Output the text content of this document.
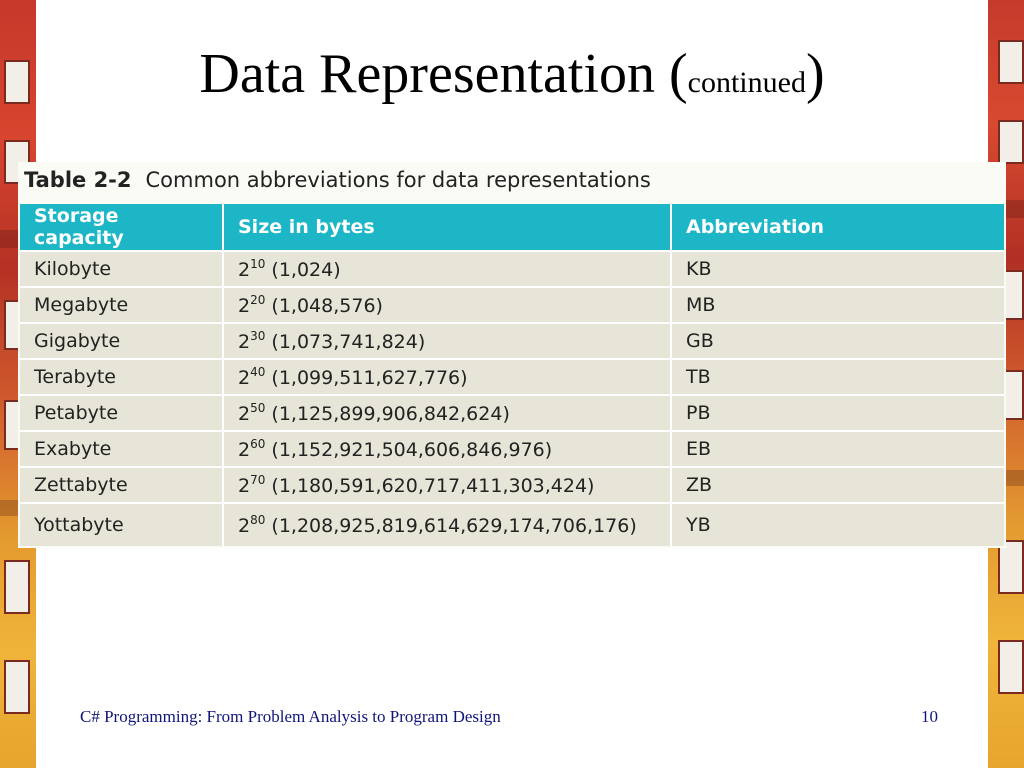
Data Representation (continued)
Table 2-2 Common abbreviations for data representations
Storage capacity	Size in bytes	Abbreviation
Kilobyte	$2^{10}$ (1,024)	KB
Megabyte	$2^{20}$ (1,048,576)	MB
Gigabyte	$2^{30}$ (1,073,741,824)	GB
Terabyte	$2^{40}$ (1,099,511,627,776)	TB
Petabyte	$2^{50}$ (1,125,899,906,842,624)	PB
Exabyte	$2^{60}$ (1,152,921,504,606,846,976)	EB
Zettabyte	$2^{70}$ (1,180,591,620,717,411,303,424)	ZB
Yottabyte	$2^{80}$ (1,208,925,819,614,629,174,706,176)	YB
C# Programming: From Problem Analysis to Program Design	10
